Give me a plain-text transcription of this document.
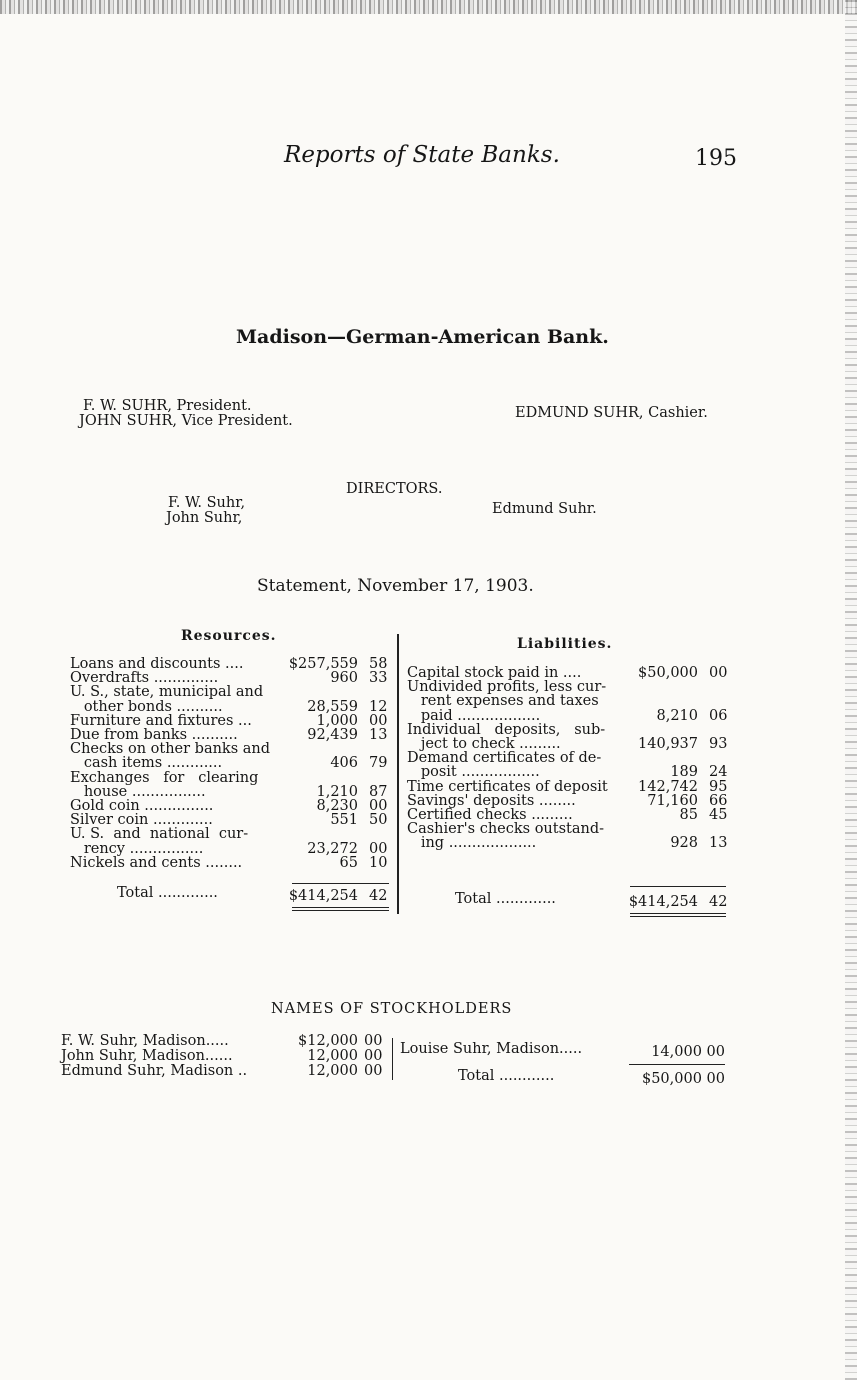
Reports of State Banks.	195
Madison—German-American Bank.
F. W. SUHR, President.
JOHN SUHR, Vice President.	EDMUND SUHR, Cashier.
DIRECTORS.
F. W. Suhr,
John Suhr,
Edmund Suhr.
Statement, November 17, 1903.
Resources.	Liabilities.
Loans and discounts ....	$257,559 58
Overdrafts ..............	960 33
U. S., state, municipal and
other bonds ..........	28,559 12
Furniture and fixtures ...	1,000 00
Due from banks ..........	92,439 13
Checks on other banks and
cash items ............	406 79
Exchanges   for   clearing
house ................	1,210 87
Gold coin ...............	8,230 00
Silver coin .............	551 50
U. S.  and  national  cur-
rency ................	23,272 00
Nickels and cents ........	65 10
Total .............	$414,254 42
Capital stock paid in ....	$50,000 00
Undivided profits, less cur-
rent expenses and taxes
paid ..................	8,210 06
Individual   deposits,   sub-
ject to check .........	140,937 93
Demand certificates of de-
posit .................	189 24
Time certificates of deposit	142,742 95
Savings' deposits ........	71,160 66
Certified checks .........	85 45
Cashier's checks outstand-
ing ...................	928 13
Total .............	$414,254 42
NAMES OF STOCKHOLDERS
F. W. Suhr, Madison.....	$12,000 00
John Suhr, Madison......	12,000 00
Edmund Suhr, Madison ..	12,000 00
Louise Suhr, Madison.....	14,000 00
Total ............	$50,000 00
